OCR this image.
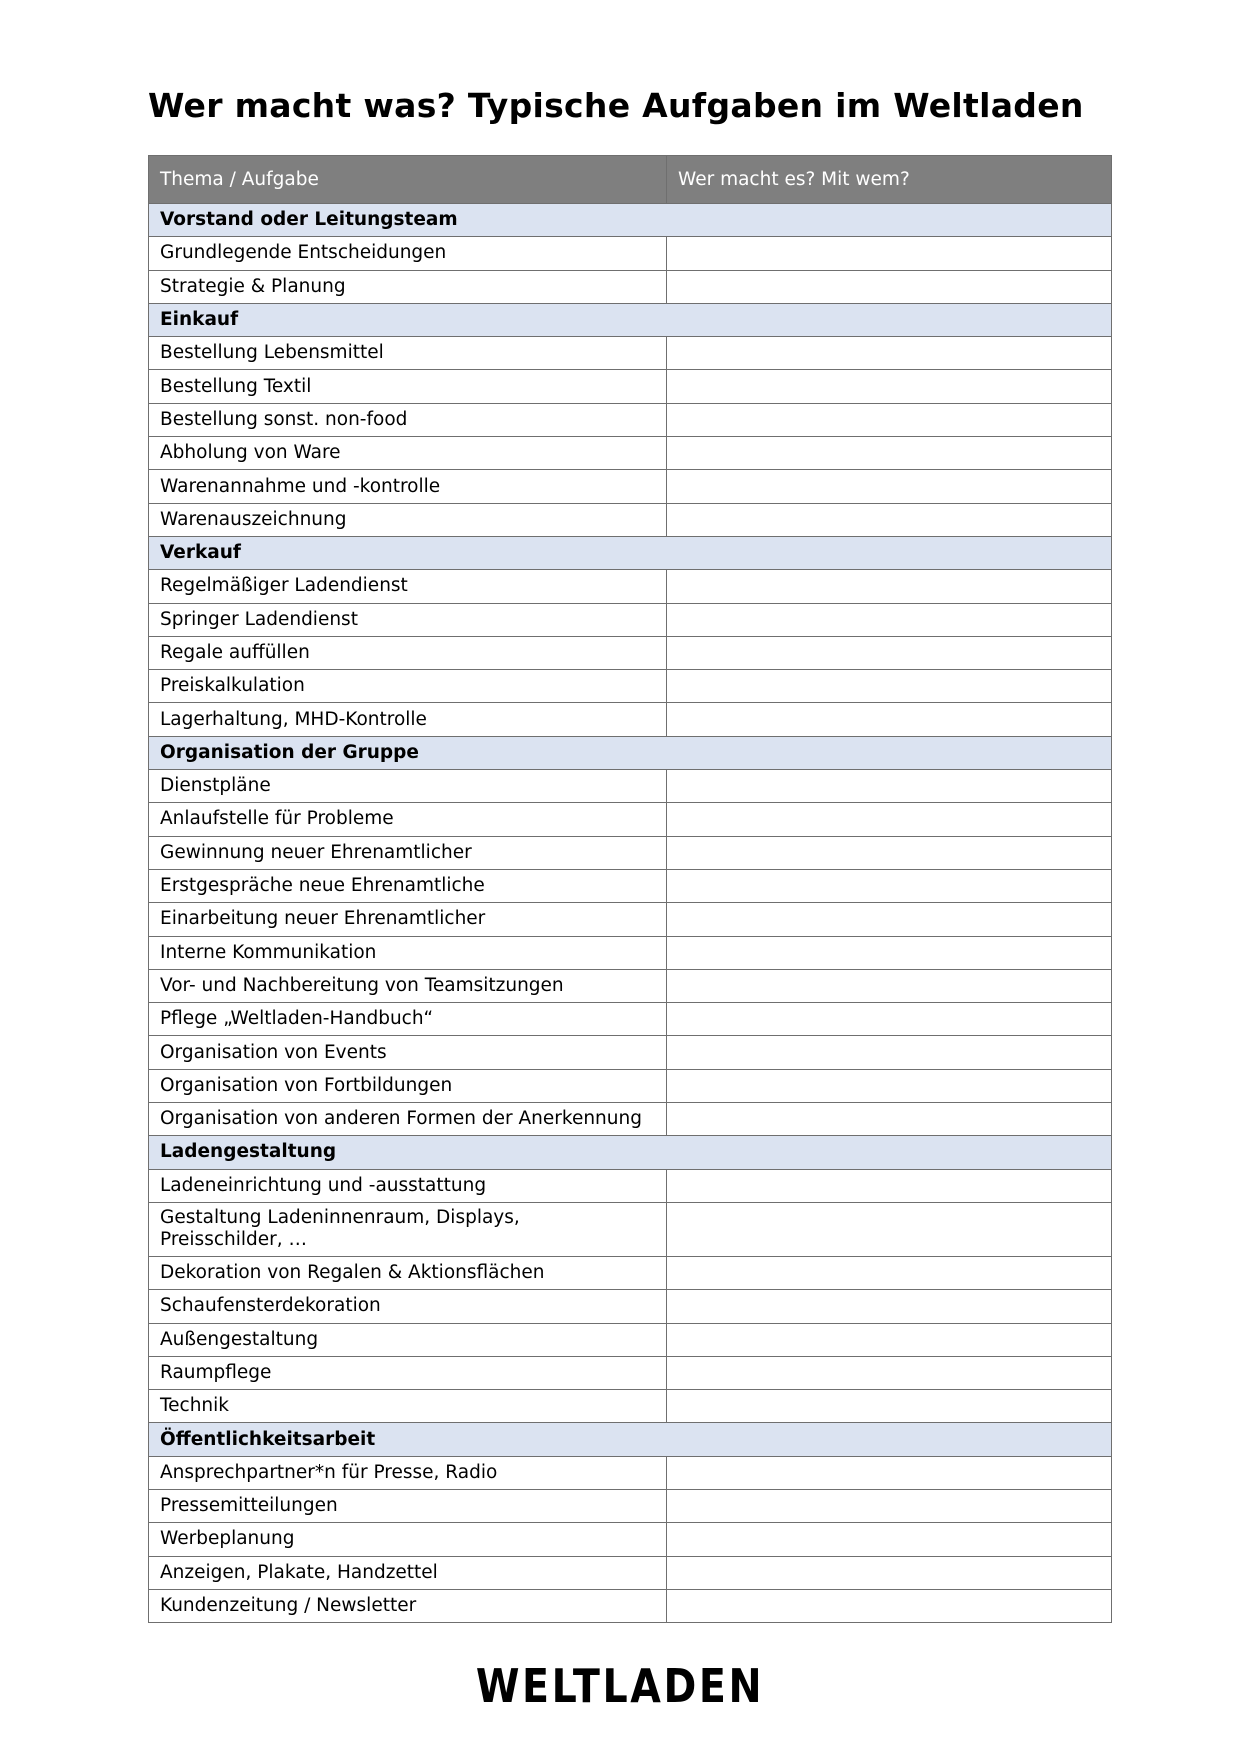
Wer macht was? Typische Aufgaben im Weltladen
Thema / Aufgabe	Wer macht es? Mit wem?
Vorstand oder Leitungsteam	
Grundlegende Entscheidungen	
Strategie & Planung	
Einkauf	
Bestellung Lebensmittel	
Bestellung Textil	
Bestellung sonst. non-food	
Abholung von Ware	
Warenannahme und -kontrolle	
Warenauszeichnung	
Verkauf	
Regelmäßiger Ladendienst	
Springer Ladendienst	
Regale auffüllen	
Preiskalkulation	
Lagerhaltung, MHD-Kontrolle	
Organisation der Gruppe	
Dienstpläne	
Anlaufstelle für Probleme	
Gewinnung neuer Ehrenamtlicher	
Erstgespräche neue Ehrenamtliche	
Einarbeitung neuer Ehrenamtlicher	
Interne Kommunikation	
Vor- und Nachbereitung von Teamsitzungen	
Pflege „Weltladen-Handbuch“	
Organisation von Events	
Organisation von Fortbildungen	
Organisation von anderen Formen der Anerkennung	
Ladengestaltung	
Ladeneinrichtung und -ausstattung	
Gestaltung Ladeninnenraum, Displays,
Preisschilder, …	
Dekoration von Regalen & Aktionsflächen	
Schaufensterdekoration	
Außengestaltung	
Raumpflege	
Technik	
Öffentlichkeitsarbeit	
Ansprechpartner*n für Presse, Radio	
Pressemitteilungen	
Werbeplanung	
Anzeigen, Plakate, Handzettel	
Kundenzeitung / Newsletter	
WELTLADEN
